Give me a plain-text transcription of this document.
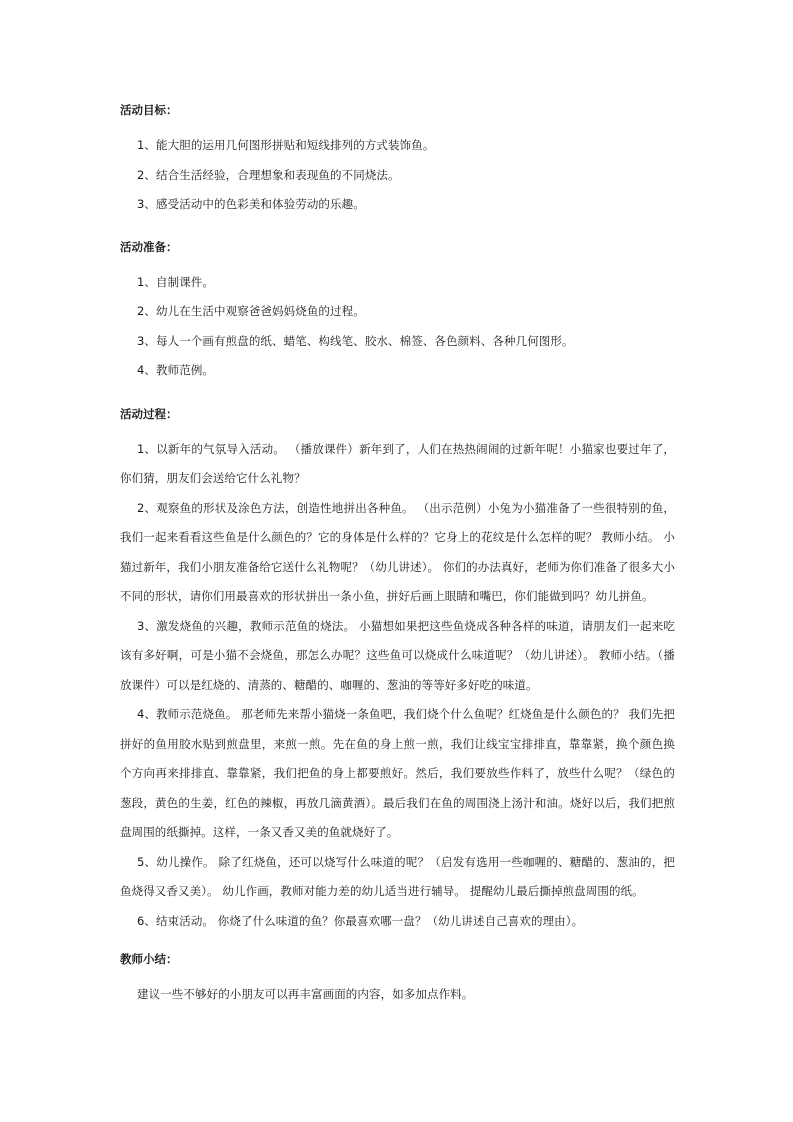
活动目标：

1、能大胆的运用几何图形拼贴和短线排列的方式装饰鱼。

2、结合生活经验，合理想象和表现鱼的不同烧法。

3、感受活动中的色彩美和体验劳动的乐趣。

活动准备：

1、自制课件。

2、幼儿在生活中观察爸爸妈妈烧鱼的过程。

3、每人一个画有煎盘的纸、蜡笔、构线笔、胶水、棉签、各色颜料、各种几何图形。

4、教师范例。

活动过程：

1、以新年的气氛导入活动。 （播放课件）新年到了，人们在热热闹闹的过新年呢！小猫家也要过年了，你们猜，朋友们会送给它什么礼物？

2、观察鱼的形状及涂色方法，创造性地拼出各种鱼。 （出示范例）小兔为小猫准备了一些很特别的鱼，我们一起来看看这些鱼是什么颜色的？它的身体是什么样的？它身上的花纹是什么怎样的呢？ 教师小结。 小猫过新年，我们小朋友准备给它送什么礼物呢？（幼儿讲述）。 你们的办法真好，老师为你们准备了很多大小不同的形状，请你们用最喜欢的形状拼出一条小鱼，拼好后画上眼睛和嘴巴，你们能做到吗？幼儿拼鱼。

3、激发烧鱼的兴趣，教师示范鱼的烧法。 小猫想如果把这些鱼烧成各种各样的味道，请朋友们一起来吃该有多好啊，可是小猫不会烧鱼，那怎么办呢？这些鱼可以烧成什么味道呢？（幼儿讲述）。 教师小结。（播放课件）可以是红烧的、清蒸的、糖醋的、咖喱的、葱油的等等好多好吃的味道。

4、教师示范烧鱼。 那老师先来帮小猫烧一条鱼吧，我们烧个什么鱼呢？红烧鱼是什么颜色的？ 我们先把拼好的鱼用胶水贴到煎盘里，来煎一煎。先在鱼的身上煎一煎，我们让线宝宝排排直，靠靠紧，换个颜色换个方向再来排排直、靠靠紧，我们把鱼的身上都要煎好。然后，我们要放些作料了，放些什么呢？（绿色的葱段，黄色的生姜，红色的辣椒，再放几滴黄酒）。最后我们在鱼的周围浇上汤汁和油。烧好以后，我们把煎盘周围的纸撕掉。这样，一条又香又美的鱼就烧好了。

5、幼儿操作。 除了红烧鱼，还可以烧写什么味道的呢？（启发有选用一些咖喱的、糖醋的、葱油的，把鱼烧得又香又美）。 幼儿作画，教师对能力差的幼儿适当进行辅导。 提醒幼儿最后撕掉煎盘周围的纸。

6、结束活动。 你烧了什么味道的鱼？你最喜欢哪一盘？（幼儿讲述自己喜欢的理由）。

教师小结：

建议一些不够好的小朋友可以再丰富画面的内容，如多加点作料。
